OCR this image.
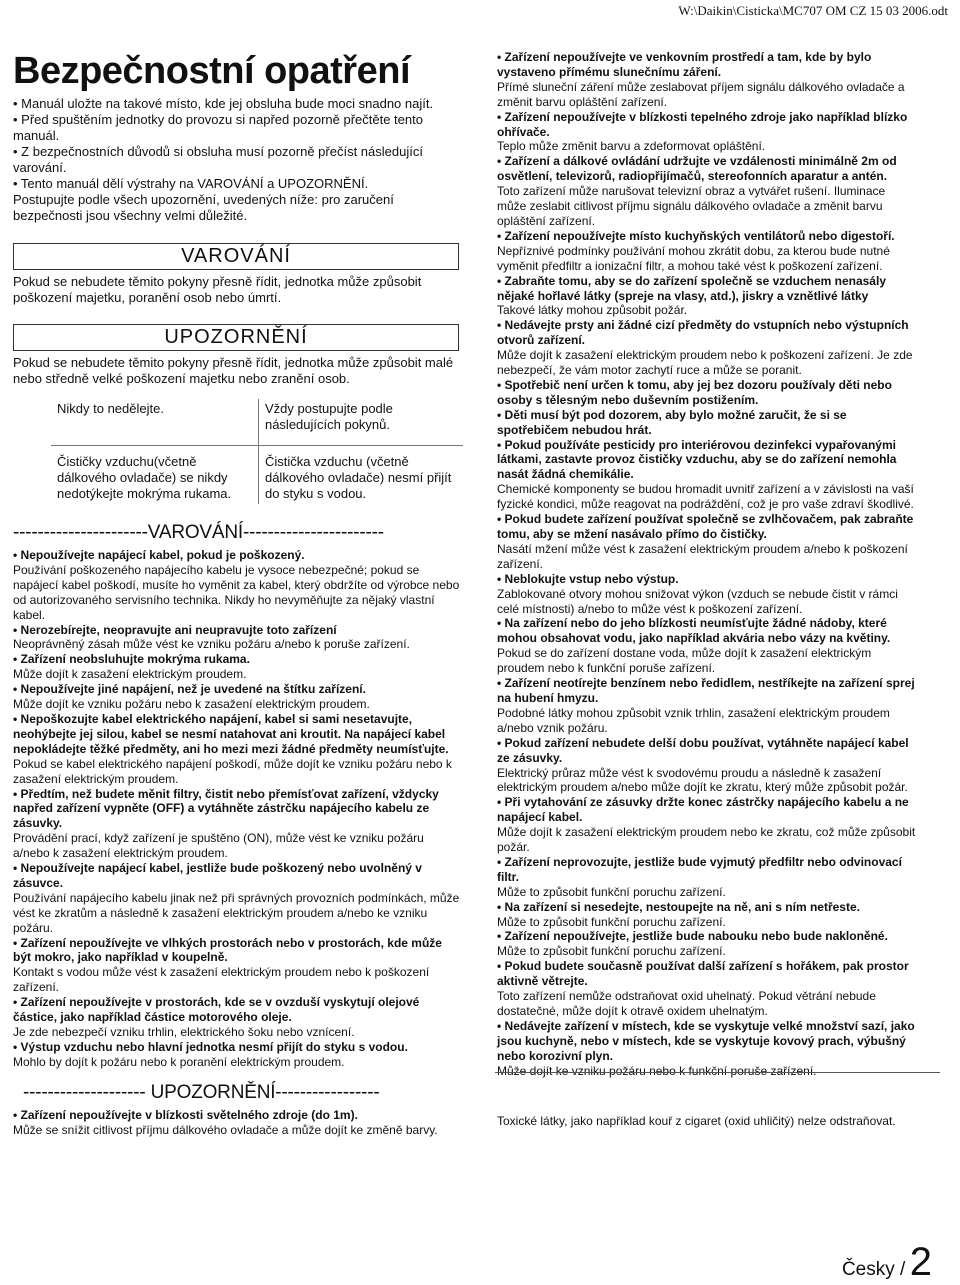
W:\Daikin\Cisticka\MC707 OM CZ 15 03 2006.odt
Bezpečnostní opatření
• Manuál uložte na takové místo, kde jej obsluha bude moci snadno najít.
• Před spuštěním jednotky do provozu si napřed pozorně přečtěte tento manuál.
• Z bezpečnostních důvodů si obsluha musí pozorně přečíst následující varování.
• Tento manuál dělí výstrahy na VAROVÁNÍ a UPOZORNĚNÍ.

Postupujte podle všech upozornění, uvedených níže: pro zaručení bezpečnosti jsou všechny velmi důležité.

VAROVÁNÍ

Pokud se nebudete těmito pokyny přesně řídit, jednotka může způsobit poškození majetku, poranění osob nebo úmrtí.

UPOZORNĚNÍ

Pokud se nebudete těmito pokyny přesně řídit, jednotka může způsobit malé nebo středně velké poškození majetku nebo zranění osob.

Nikdy to nedělejte.	Vždy postupujte podle následujících pokynů.
Čističky vzduchu(včetně dálkového ovladače) se nikdy nedotýkejte mokrýma rukama.	Čistička vzduchu (včetně dálkového ovladače) nesmí přijít do styku s vodou.
----------------------VAROVÁNÍ-----------------------

• Nepoužívejte napájecí kabel, pokud je poškozený.
Používání poškozeného napájecího kabelu je vysoce nebezpečné; pokud se napájecí kabel poškodí, musíte ho vyměnit za kabel, který obdržíte od výrobce nebo od autorizovaného servisního technika. Nikdy ho nevyměňujte za nějaký vlastní kabel.

• Nerozebírejte, neopravujte ani neupravujte toto zařízení
Neoprávněný zásah může vést ke vzniku požáru a/nebo k poruše zařízení.

• Zařízení neobsluhujte mokrýma rukama.
Může dojít k zasažení elektrickým proudem.

• Nepoužívejte jiné napájení, než je uvedené na štítku zařízení.
Může dojít ke vzniku požáru nebo k zasažení elektrickým proudem.

• Nepoškozujte kabel elektrického napájení, kabel si sami nesetavujte, neohýbejte jej silou, kabel se nesmí natahovat ani kroutit. Na napájecí kabel nepokládejte těžké předměty, ani ho mezi mezi žádné předměty neumísťujte.
Pokud se kabel elektrického napájení poškodí, může dojít ke vzniku požáru nebo k zasažení elektrickým proudem.

• Předtím, než budete měnit filtry, čistit nebo přemísťovat zařízení, vždycky napřed zařízení vypněte (OFF) a vytáhněte zástrčku napájecího kabelu ze zásuvky.
Provádění prací, když zařízení je spuštěno (ON), může vést ke vzniku požáru a/nebo k zasažení elektrickým proudem.

• Nepoužívejte napájecí kabel, jestliže bude poškozený nebo uvolněný v zásuvce.
Používání napájecího kabelu jinak než při správných provozních podmínkách, může vést ke zkratům a následně k zasažení elektrickým proudem a/nebo ke vzniku požáru.

• Zařízení nepoužívejte ve vlhkých prostorách nebo v prostorách, kde může být mokro, jako například v koupelně.
Kontakt s vodou může vést k zasažení elektrickým proudem nebo k poškození zařízení.

• Zařízení nepoužívejte v prostorách, kde se v ovzduší vyskytují olejové částice, jako například částice motorového oleje.
Je zde nebezpečí vzniku trhlin, elektrického šoku nebo vznícení.

• Výstup vzduchu nebo hlavní jednotka nesmí přijít do styku s vodou.
Mohlo by dojít k požáru nebo k poranění elektrickým proudem.

-------------------- UPOZORNĚNÍ-----------------

• Zařízení nepoužívejte v blízkosti světelného zdroje (do 1m).
Může se snížit citlivost příjmu dálkového ovladače a může dojít ke změně barvy.

• Zařízení nepoužívejte ve venkovním prostředí a tam, kde by bylo vystaveno přímému slunečnímu záření.
Přímé sluneční záření může zeslabovat příjem signálu dálkového ovladače a změnit barvu opláštění zařízení.

• Zařízení nepoužívejte v blízkosti tepelného zdroje jako například blízko ohřívače.
Teplo může změnit barvu a zdeformovat opláštění.

• Zařízení a dálkové ovládání udržujte ve vzdálenosti minimálně 2m od osvětlení, televizorů, radiopřijímačů, stereofonních aparatur a antén.
Toto zařízení může narušovat televizní obraz a vytvářet rušení. Iluminace může zeslabit citlivost příjmu signálu dálkového ovladače a změnit barvu opláštění zařízení.

• Zařízení nepoužívejte místo kuchyňských ventilátorů nebo digestoří.
Nepříznivé podmínky používání mohou zkrátit dobu, za kterou bude nutné vyměnit předfiltr a ionizační filtr, a mohou také vést k poškození zařízení.

• Zabraňte tomu, aby se do zařízení společně se vzduchem nenasály nějaké hořlavé látky (spreje na vlasy, atd.), jiskry a vznětlivé látky
Takové látky mohou způsobit požár.

• Nedávejte prsty ani žádné cizí předměty do vstupních nebo výstupních otvorů zařízení.
Může dojít k zasažení elektrickým proudem nebo k poškození zařízení. Je zde nebezpečí, že vám motor zachytí ruce a může se poranit.

• Spotřebič není určen k tomu, aby jej bez dozoru používaly děti nebo osoby s tělesným nebo duševním postižením.

• Děti musí být pod dozorem, aby bylo možné zaručit, že si se spotřebičem nebudou hrát.

• Pokud používáte pesticidy pro interiérovou dezinfekci vypařovanými látkami, zastavte provoz čističky vzduchu, aby se do zařízení nemohla nasát žádná chemikálie.
Chemické komponenty se budou hromadit uvnitř zařízení a v závislosti na vaší fyzické kondici, může reagovat na podráždění, což je pro vaše zdraví škodlivé.

• Pokud budete zařízení používat společně se zvlhčovačem, pak zabraňte tomu, aby se mžení nasávalo přímo do čističky.
Nasátí mžení může vést k zasažení elektrickým proudem a/nebo k poškození zařízení.

• Neblokujte vstup nebo výstup.
Zablokované otvory mohou snižovat výkon (vzduch se nebude čistit v rámci celé místnosti) a/nebo to může vést k poškození zařízení.

• Na zařízení nebo do jeho blízkosti neumísťujte žádné nádoby, které mohou obsahovat vodu, jako například akvária nebo vázy na květiny.
Pokud se do zařízení dostane voda, může dojít k zasažení elektrickým proudem nebo k funkční poruše zařízení.

• Zařízení neotírejte benzínem nebo ředidlem, nestříkejte na zařízení sprej na hubení hmyzu.
Podobné látky mohou způsobit vznik trhlin, zasažení elektrickým proudem a/nebo vznik požáru.

• Pokud zařízení nebudete delší dobu používat, vytáhněte napájecí kabel ze zásuvky.
Elektrický průraz může vést k svodovému proudu a následně k zasažení elektrickým proudem a/nebo může dojít ke zkratu, který může způsobit požár.

• Při vytahování ze zásuvky držte konec zástrčky napájecího kabelu a ne napájecí kabel.
Může dojít k zasažení elektrickým proudem nebo ke zkratu, což může způsobit požár.

• Zařízení neprovozujte, jestliže bude vyjmutý předfiltr nebo odvinovací filtr.
Může to způsobit funkční poruchu zařízení.

• Na zařízení si nesedejte, nestoupejte na ně, ani s ním netřeste.
Může to způsobit funkční poruchu zařízení.

• Zařízení nepoužívejte, jestliže bude nabouku nebo bude nakloněné.
Může to způsobit funkční poruchu zařízení.

• Pokud budete současně používat další zařízení s hořákem, pak prostor aktivně větrejte.
Toto zařízení nemůže odstraňovat oxid uhelnatý. Pokud větrání nebude dostatečné, může dojít k otravě oxidem uhelnatým.

• Nedávejte zařízení v místech, kde se vyskytuje velké množství sazí, jako jsou kuchyně, nebo v místech, kde se vyskytuje kovový prach, výbušný nebo korozivní plyn.
Může dojít ke vzniku požáru nebo k funkční poruše zařízení.

Toxické látky, jako například kouř z cigaret (oxid uhličitý) nelze odstraňovat.
Česky / 2
